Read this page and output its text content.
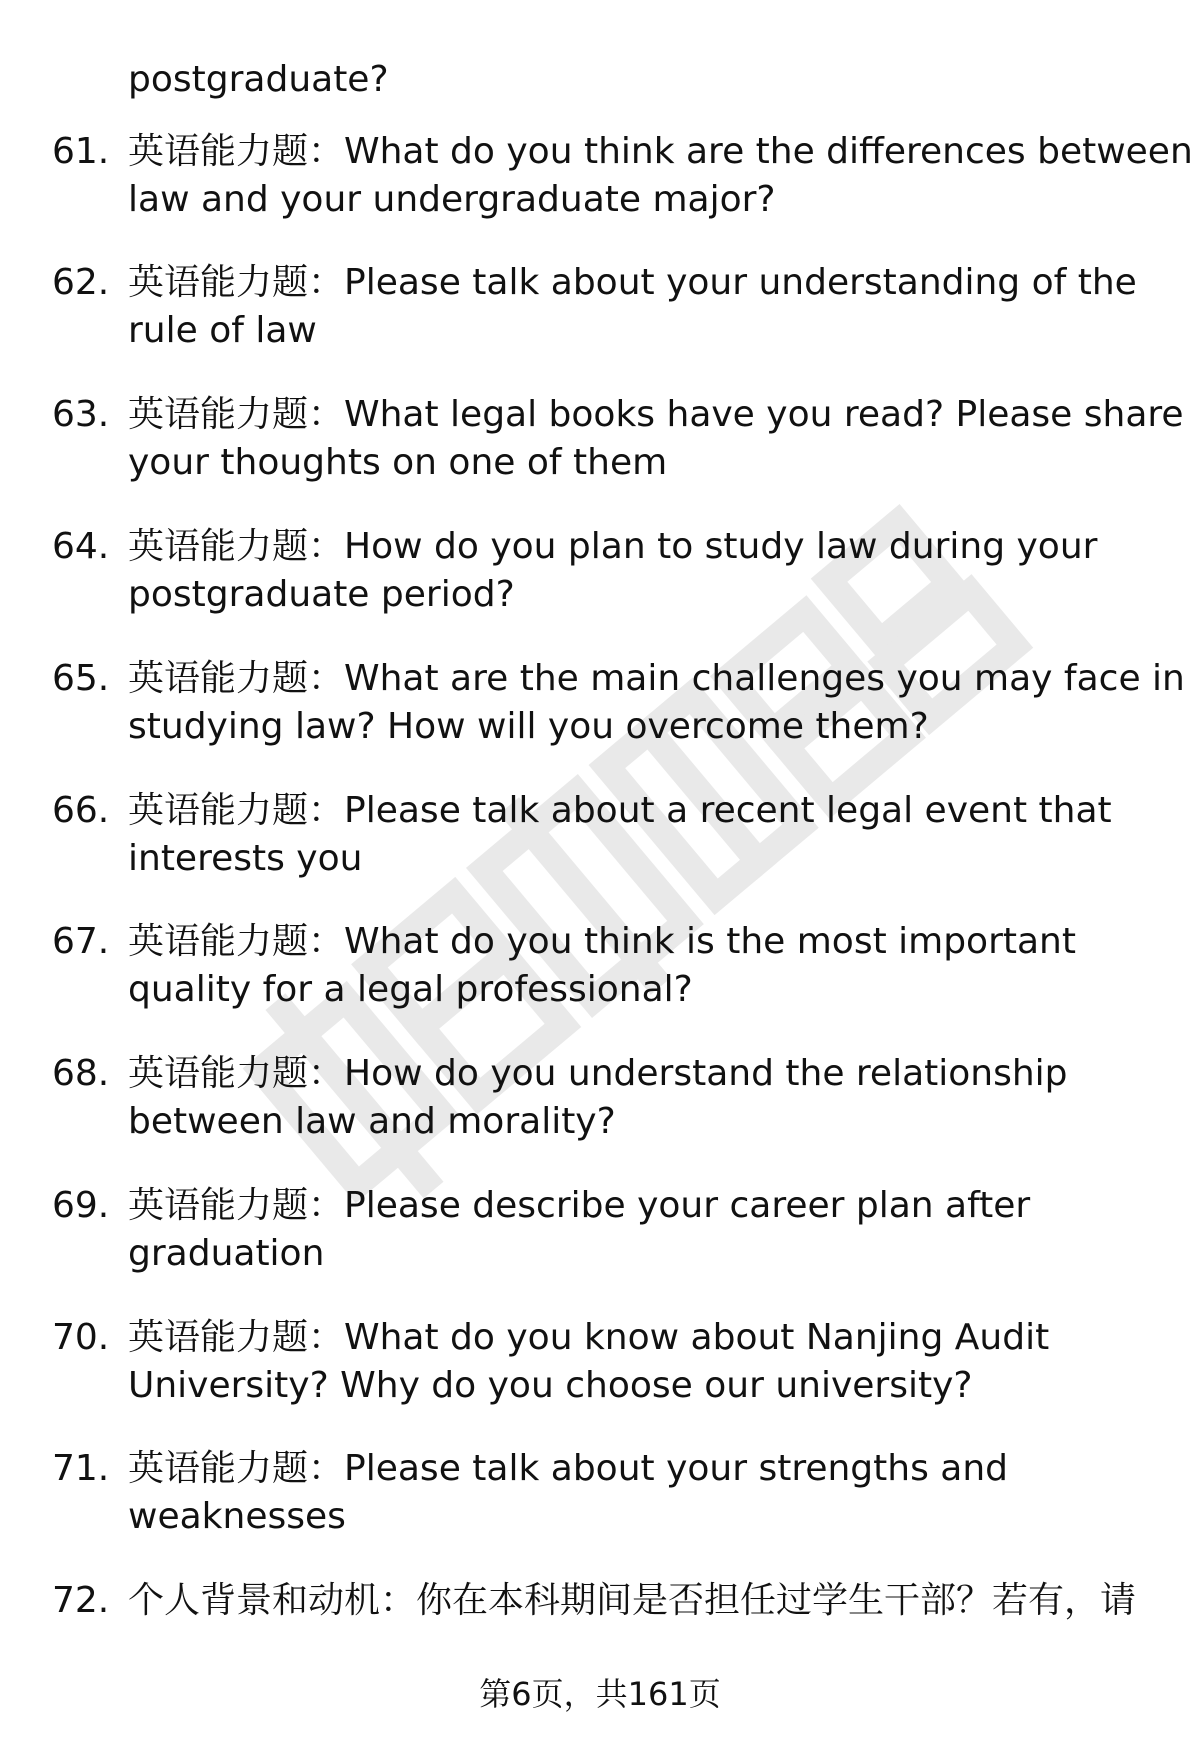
postgraduate?
61. 英语能力题：What do you think are the differences between
law and your undergraduate major?
62. 英语能力题：Please talk about your understanding of the
rule of law
63. 英语能力题：What legal books have you read? Please share
your thoughts on one of them
64. 英语能力题：How do you plan to study law during your
postgraduate period?
65. 英语能力题：What are the main challenges you may face in
studying law? How will you overcome them?
66. 英语能力题：Please talk about a recent legal event that
interests you
67. 英语能力题：What do you think is the most important
quality for a legal professional?
68. 英语能力题：How do you understand the relationship
between law and morality?
69. 英语能力题：Please describe your career plan after
graduation
70. 英语能力题：What do you know about Nanjing Audit
University? Why do you choose our university?
71. 英语能力题：Please talk about your strengths and
weaknesses
72. 个人背景和动机：你在本科期间是否担任过学生干部？若有，请
第6页，共161页
